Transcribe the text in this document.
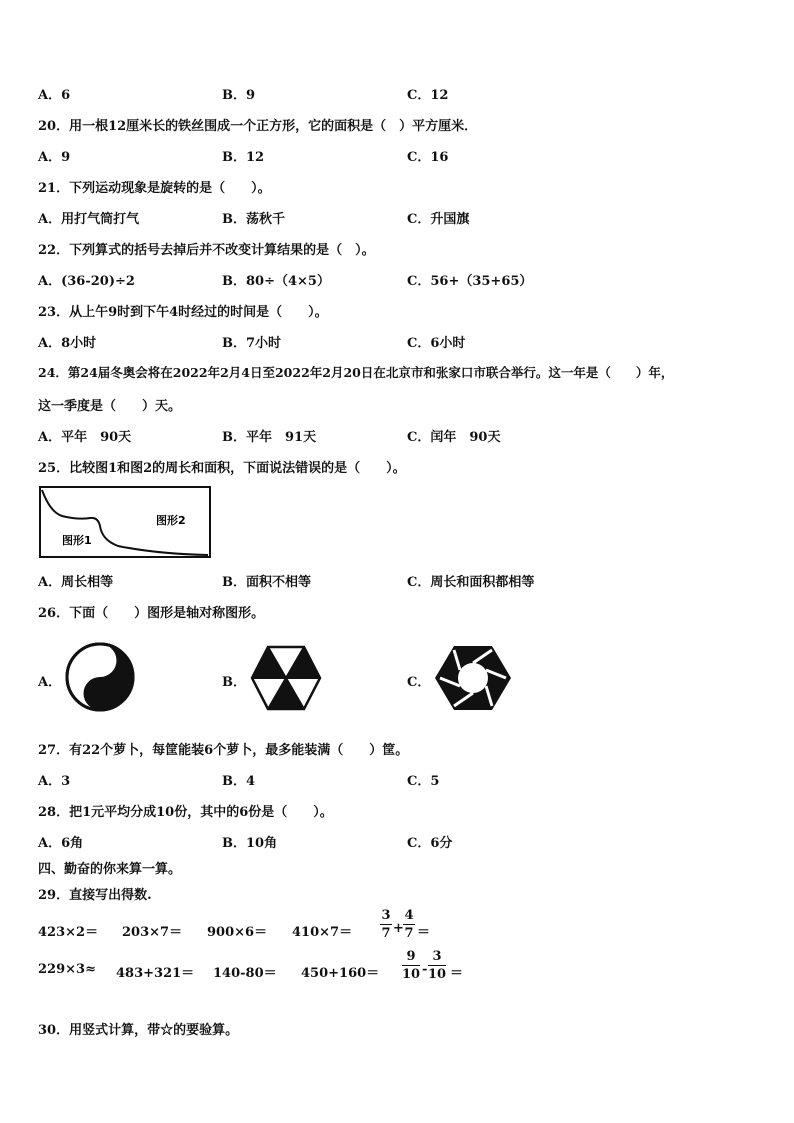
A．6	B．9	C．12
20．用一根12厘米长的铁丝围成一个正方形，它的面积是（　）平方厘米．
A．9	B．12	C．16
21．下列运动现象是旋转的是（　　）。
A．用打气筒打气	B．荡秋千	C．升国旗
22．下列算式的括号去掉后并不改变计算结果的是（　）。
A．(36-20)÷2	B．80÷（4×5）	C．56+（35+65）
23．从上午9时到下午4时经过的时间是（　　）。
A．8小时	B．7小时	C．6小时
24．第24届冬奥会将在2022年2月4日至2022年2月20日在北京市和张家口市联合举行。这一年是（　　）年，
这一季度是（　　）天。
A．平年　90天	B．平年　91天	C．闰年　90天
25．比较图1和图2的周长和面积，下面说法错误的是（　　）。
图形2
图形1
A．周长相等	B．面积不相等	C．周长和面积都相等
26．下面（　　）图形是轴对称图形。
A．	B．	C．
27．有22个萝卜，每筐能装6个萝卜，最多能装满（　　）筐。
A．3	B．4	C．5
28．把1元平均分成10份，其中的6份是（　　）。
A．6角	B．10角	C．6分
四、勤奋的你来算一算。
29．直接写出得数.
423×2＝ 203×7＝ 900×6＝ 410×7＝
3
7 +
4
7 ＝
229×3≈ 483+321＝ 140-80＝ 450+160＝
9
10 -
3
10 ＝
30．用竖式计算，带☆的要验算。
